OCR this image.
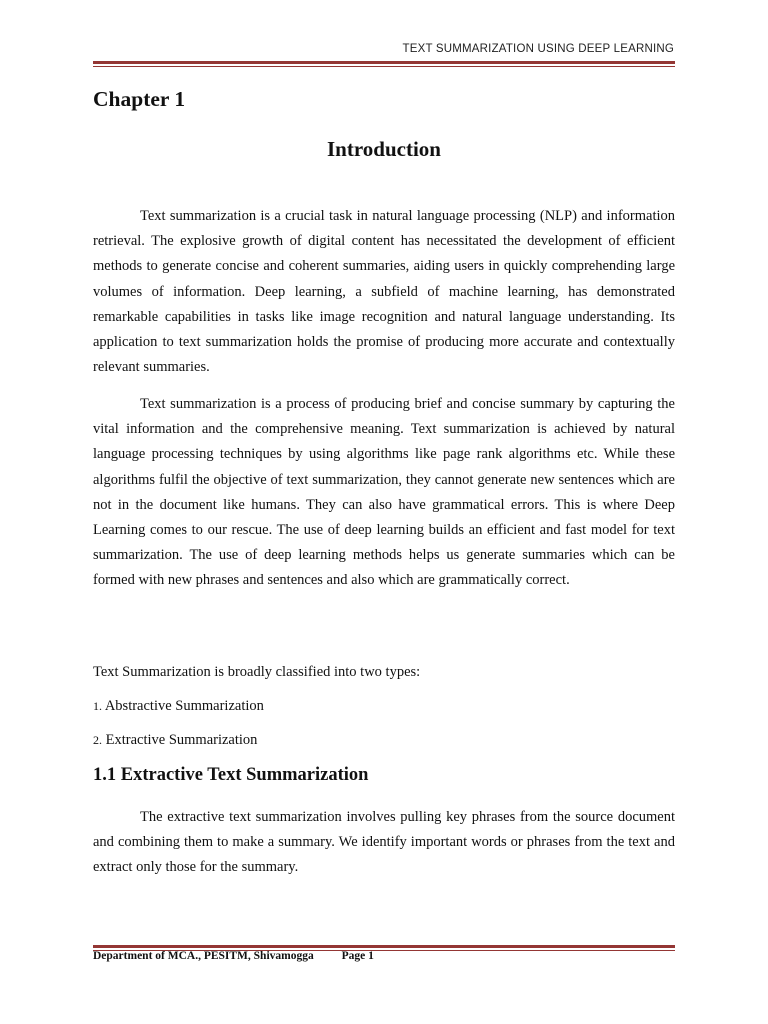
TEXT SUMMARIZATION USING DEEP LEARNING
Chapter 1
Introduction

Text summarization is a crucial task in natural language processing (NLP) and information retrieval. The explosive growth of digital content has necessitated the development of efficient methods to generate concise and coherent summaries, aiding users in quickly comprehending large volumes of information. Deep learning, a subfield of machine learning, has demonstrated remarkable capabilities in tasks like image recognition and natural language understanding. Its application to text summarization holds the promise of producing more accurate and contextually relevant summaries.

Text summarization is a process of producing brief and concise summary by capturing the vital information and the comprehensive meaning. Text summarization is achieved by natural language processing techniques by using algorithms like page rank algorithms etc. While these algorithms fulfil the objective of text summarization, they cannot generate new sentences which are not in the document like humans. They can also have grammatical errors. This is where Deep Learning comes to our rescue. The use of deep learning builds an efficient and fast model for text summarization. The use of deep learning methods helps us generate summaries which can be formed with new phrases and sentences and also which are grammatically correct.

Text Summarization is broadly classified into two types:

1. Abstractive Summarization

2. Extractive Summarization

1.1 Extractive Text Summarization

The extractive text summarization involves pulling key phrases from the source document and combining them to make a summary. We identify important words or phrases from the text and extract only those for the summary.

Department of MCA., PESITM, Shivamogga Page 1
